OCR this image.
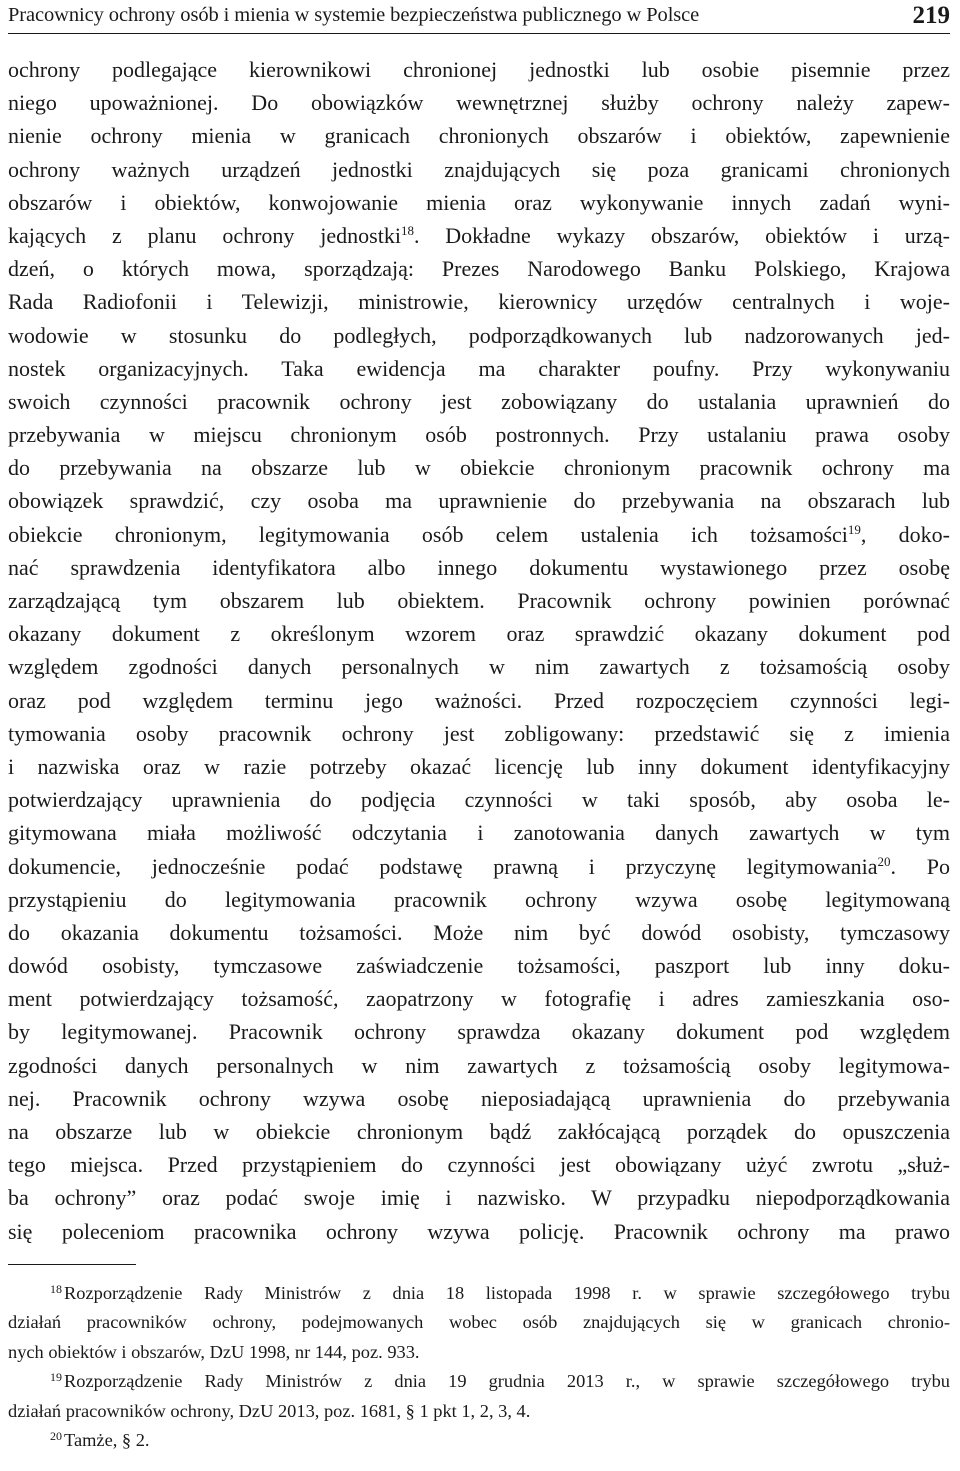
Pracownicy ochrony osób i mienia w systemie bezpieczeństwa publicznego w Polsce	219
ochrony podlegające kierownikowi chronionej jednostki lub osobie pisemnie przez
niego upoważnionej. Do obowiązków wewnętrznej służby ochrony należy zapew-
nienie ochrony mienia w granicach chronionych obszarów i obiektów, zapewnienie
ochrony ważnych urządzeń jednostki znajdujących się poza granicami chronionych
obszarów i obiektów, konwojowanie mienia oraz wykonywanie innych zadań wyni-
kających z planu ochrony jednostki$^{18}$. Dokładne wykazy obszarów, obiektów i urzą-
dzeń, o których mowa, sporządzają: Prezes Narodowego Banku Polskiego, Krajowa
Rada Radiofonii i Telewizji, ministrowie, kierownicy urzędów centralnych i woje-
wodowie w stosunku do podległych, podporządkowanych lub nadzorowanych jed-
nostek organizacyjnych. Taka ewidencja ma charakter poufny. Przy wykonywaniu
swoich czynności pracownik ochrony jest zobowiązany do ustalania uprawnień do
przebywania w miejscu chronionym osób postronnych. Przy ustalaniu prawa osoby
do przebywania na obszarze lub w obiekcie chronionym pracownik ochrony ma
obowiązek sprawdzić, czy osoba ma uprawnienie do przebywania na obszarach lub
obiekcie chronionym, legitymowania osób celem ustalenia ich tożsamości$^{19}$, doko-
nać sprawdzenia identyfikatora albo innego dokumentu wystawionego przez osobę
zarządzającą tym obszarem lub obiektem. Pracownik ochrony powinien porównać
okazany dokument z określonym wzorem oraz sprawdzić okazany dokument pod
względem zgodności danych personalnych w nim zawartych z tożsamością osoby
oraz pod względem terminu jego ważności. Przed rozpoczęciem czynności legi-
tymowania osoby pracownik ochrony jest zobligowany: przedstawić się z imienia
i nazwiska oraz w razie potrzeby okazać licencję lub inny dokument identyfikacyjny
potwierdzający uprawnienia do podjęcia czynności w taki sposób, aby osoba le-
gitymowana miała możliwość odczytania i zanotowania danych zawartych w tym
dokumencie, jednocześnie podać podstawę prawną i przyczynę legitymowania$^{20}$. Po
przystąpieniu do legitymowania pracownik ochrony wzywa osobę legitymowaną
do okazania dokumentu tożsamości. Może nim być dowód osobisty, tymczasowy
dowód osobisty, tymczasowe zaświadczenie tożsamości, paszport lub inny doku-
ment potwierdzający tożsamość, zaopatrzony w fotografię i adres zamieszkania oso-
by legitymowanej. Pracownik ochrony sprawdza okazany dokument pod względem
zgodności danych personalnych w nim zawartych z tożsamością osoby legitymowa-
nej. Pracownik ochrony wzywa osobę nieposiadającą uprawnienia do przebywania
na obszarze lub w obiekcie chronionym bądź zakłócającą porządek do opuszczenia
tego miejsca. Przed przystąpieniem do czynności jest obowiązany użyć zwrotu „służ-
ba ochrony” oraz podać swoje imię i nazwisko. W przypadku niepodporządkowania
się poleceniom pracownika ochrony wzywa policję. Pracownik ochrony ma prawo
$^{18}$ Rozporządzenie Rady Ministrów z dnia 18 listopada 1998 r. w sprawie szczegółowego trybu
działań pracowników ochrony, podejmowanych wobec osób znajdujących się w granicach chronio-
nych obiektów i obszarów, DzU 1998, nr 144, poz. 933.
$^{19}$ Rozporządzenie Rady Ministrów z dnia 19 grudnia 2013 r., w sprawie szczegółowego trybu
działań pracowników ochrony, DzU 2013, poz. 1681, § 1 pkt 1, 2, 3, 4.
$^{20}$ Tamże, § 2.
